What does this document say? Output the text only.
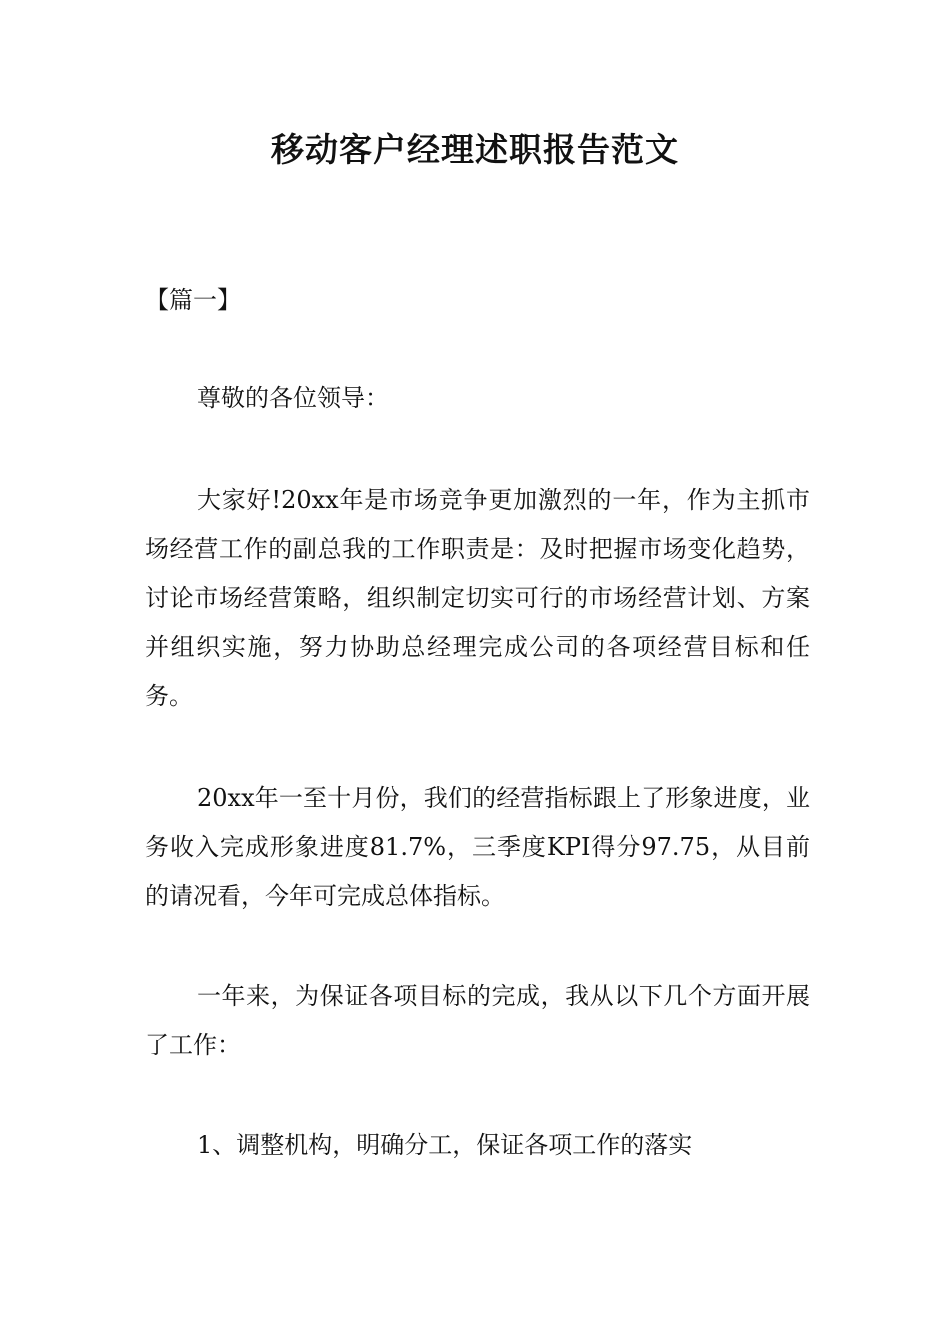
移动客户经理述职报告范文
【篇一】

尊敬的各位领导：

大家好!20xx年是市场竞争更加激烈的一年，作为主抓市场经营工作的副总我的工作职责是：及时把握市场变化趋势，讨论市场经营策略，组织制定切实可行的市场经营计划、方案并组织实施，努力协助总经理完成公司的各项经营目标和任务。

20xx年一至十月份，我们的经营指标跟上了形象进度，业务收入完成形象进度81.7%，三季度KPI得分97.75，从目前的请况看，今年可完成总体指标。

一年来，为保证各项目标的完成，我从以下几个方面开展了工作：

1、调整机构，明确分工，保证各项工作的落实
